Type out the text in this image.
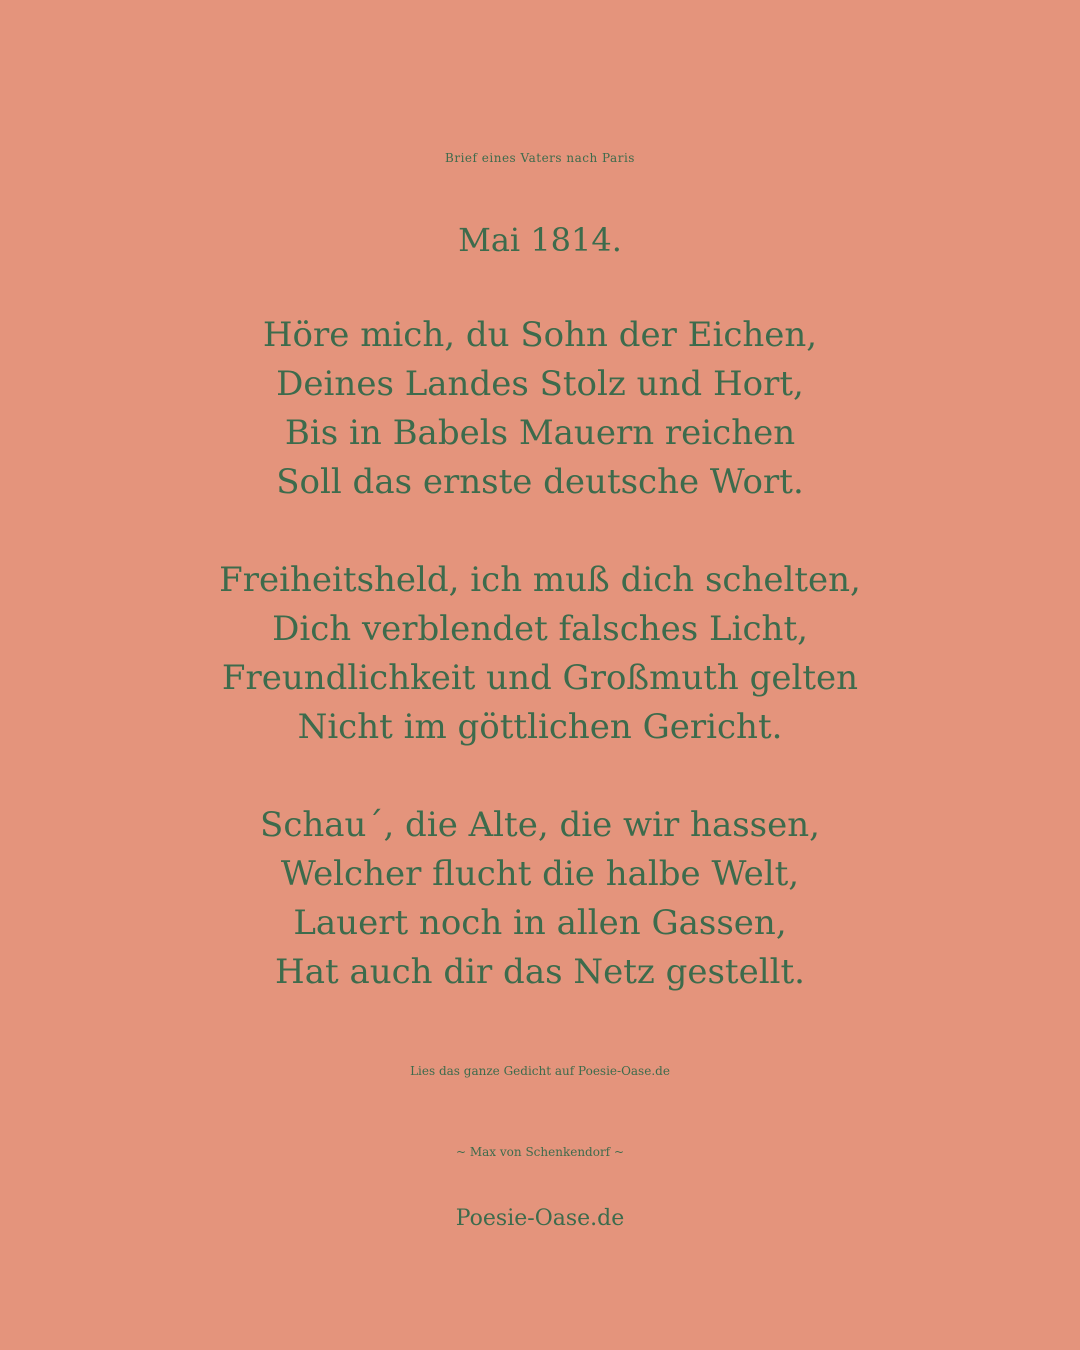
Brief eines Vaters nach Paris
Mai 1814.
Höre mich, du Sohn der Eichen,
Deines Landes Stolz und Hort,
Bis in Babels Mauern reichen
Soll das ernste deutsche Wort.
Freiheitsheld, ich muß dich schelten,
Dich verblendet falsches Licht,
Freundlichkeit und Großmuth gelten
Nicht im göttlichen Gericht.
Schau´, die Alte, die wir hassen,
Welcher flucht die halbe Welt,
Lauert noch in allen Gassen,
Hat auch dir das Netz gestellt.
Lies das ganze Gedicht auf Poesie-Oase.de
~ Max von Schenkendorf ~
Poesie-Oase.de
